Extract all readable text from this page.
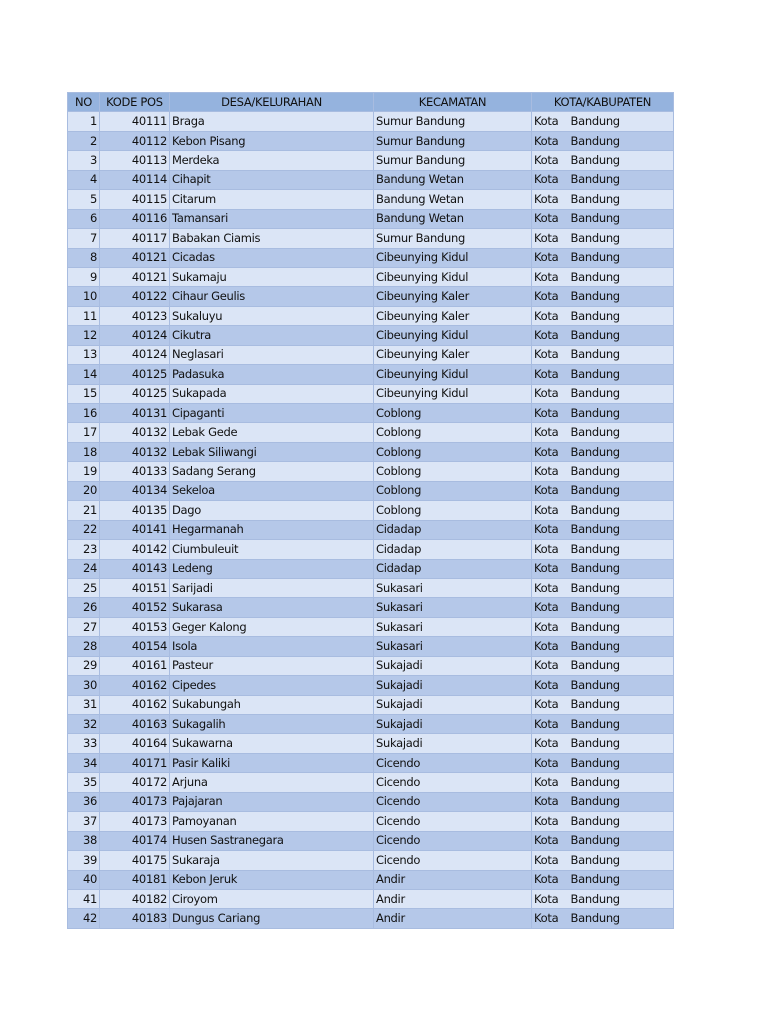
NO	KODE POS	DESA/KELURAHAN	KECAMATAN	KOTA/KABUPATEN	
1	40111	Braga	Sumur Bandung	Kota	Bandung
2	40112	Kebon Pisang	Sumur Bandung	Kota	Bandung
3	40113	Merdeka	Sumur Bandung	Kota	Bandung
4	40114	Cihapit	Bandung Wetan	Kota	Bandung
5	40115	Citarum	Bandung Wetan	Kota	Bandung
6	40116	Tamansari	Bandung Wetan	Kota	Bandung
7	40117	Babakan Ciamis	Sumur Bandung	Kota	Bandung
8	40121	Cicadas	Cibeunying Kidul	Kota	Bandung
9	40121	Sukamaju	Cibeunying Kidul	Kota	Bandung
10	40122	Cihaur Geulis	Cibeunying Kaler	Kota	Bandung
11	40123	Sukaluyu	Cibeunying Kaler	Kota	Bandung
12	40124	Cikutra	Cibeunying Kidul	Kota	Bandung
13	40124	Neglasari	Cibeunying Kaler	Kota	Bandung
14	40125	Padasuka	Cibeunying Kidul	Kota	Bandung
15	40125	Sukapada	Cibeunying Kidul	Kota	Bandung
16	40131	Cipaganti	Coblong	Kota	Bandung
17	40132	Lebak Gede	Coblong	Kota	Bandung
18	40132	Lebak Siliwangi	Coblong	Kota	Bandung
19	40133	Sadang Serang	Coblong	Kota	Bandung
20	40134	Sekeloa	Coblong	Kota	Bandung
21	40135	Dago	Coblong	Kota	Bandung
22	40141	Hegarmanah	Cidadap	Kota	Bandung
23	40142	Ciumbuleuit	Cidadap	Kota	Bandung
24	40143	Ledeng	Cidadap	Kota	Bandung
25	40151	Sarijadi	Sukasari	Kota	Bandung
26	40152	Sukarasa	Sukasari	Kota	Bandung
27	40153	Geger Kalong	Sukasari	Kota	Bandung
28	40154	Isola	Sukasari	Kota	Bandung
29	40161	Pasteur	Sukajadi	Kota	Bandung
30	40162	Cipedes	Sukajadi	Kota	Bandung
31	40162	Sukabungah	Sukajadi	Kota	Bandung
32	40163	Sukagalih	Sukajadi	Kota	Bandung
33	40164	Sukawarna	Sukajadi	Kota	Bandung
34	40171	Pasir Kaliki	Cicendo	Kota	Bandung
35	40172	Arjuna	Cicendo	Kota	Bandung
36	40173	Pajajaran	Cicendo	Kota	Bandung
37	40173	Pamoyanan	Cicendo	Kota	Bandung
38	40174	Husen Sastranegara	Cicendo	Kota	Bandung
39	40175	Sukaraja	Cicendo	Kota	Bandung
40	40181	Kebon Jeruk	Andir	Kota	Bandung
41	40182	Ciroyom	Andir	Kota	Bandung
42	40183	Dungus Cariang	Andir	Kota	Bandung
